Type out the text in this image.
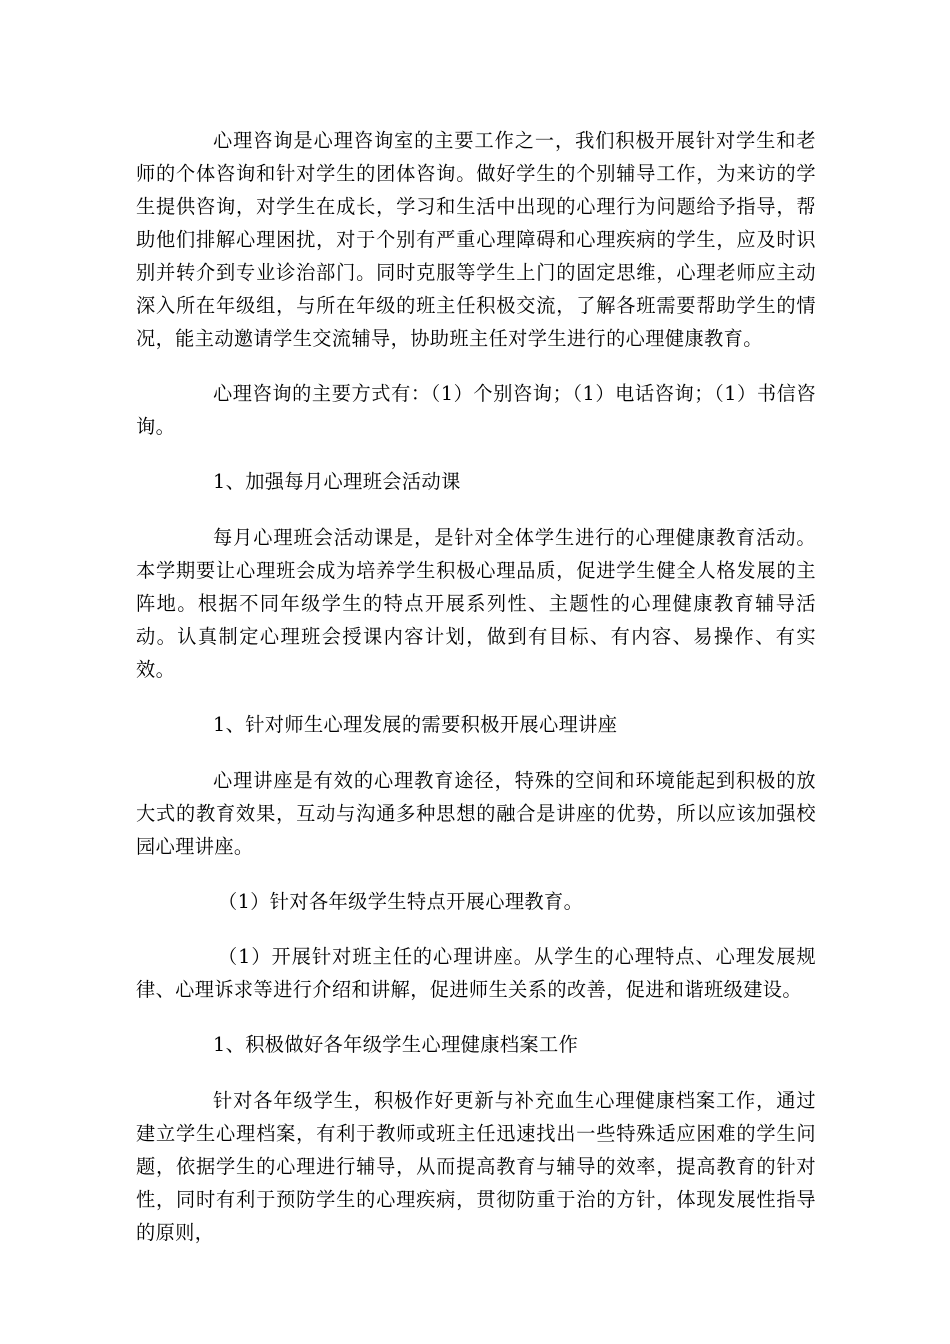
心理咨询是心理咨询室的主要工作之一，我们积极开展针对学生和老师的个体咨询和针对学生的团体咨询。做好学生的个别辅导工作，为来访的学生提供咨询，对学生在成长，学习和生活中出现的心理行为问题给予指导，帮助他们排解心理困扰，对于个别有严重心理障碍和心理疾病的学生，应及时识别并转介到专业诊治部门。同时克服等学生上门的固定思维，心理老师应主动深入所在年级组，与所在年级的班主任积极交流，了解各班需要帮助学生的情况，能主动邀请学生交流辅导，协助班主任对学生进行的心理健康教育。

心理咨询的主要方式有：（1）个别咨询；（1）电话咨询；（1）书信咨询。

1、加强每月心理班会活动课

每月心理班会活动课是，是针对全体学生进行的心理健康教育活动。本学期要让心理班会成为培养学生积极心理品质，促进学生健全人格发展的主阵地。根据不同年级学生的特点开展系列性、主题性的心理健康教育辅导活动。认真制定心理班会授课内容计划，做到有目标、有内容、易操作、有实效。

1、针对师生心理发展的需要积极开展心理讲座

心理讲座是有效的心理教育途径，特殊的空间和环境能起到积极的放大式的教育效果，互动与沟通多种思想的融合是讲座的优势，所以应该加强校园心理讲座。

（1）针对各年级学生特点开展心理教育。

（1）开展针对班主任的心理讲座。从学生的心理特点、心理发展规律、心理诉求等进行介绍和讲解，促进师生关系的改善，促进和谐班级建设。

1、积极做好各年级学生心理健康档案工作

针对各年级学生，积极作好更新与补充血生心理健康档案工作，通过建立学生心理档案，有利于教师或班主任迅速找出一些特殊适应困难的学生问题，依据学生的心理进行辅导，从而提高教育与辅导的效率，提高教育的针对性，同时有利于预防学生的心理疾病，贯彻防重于治的方针，体现发展性指导的原则，
